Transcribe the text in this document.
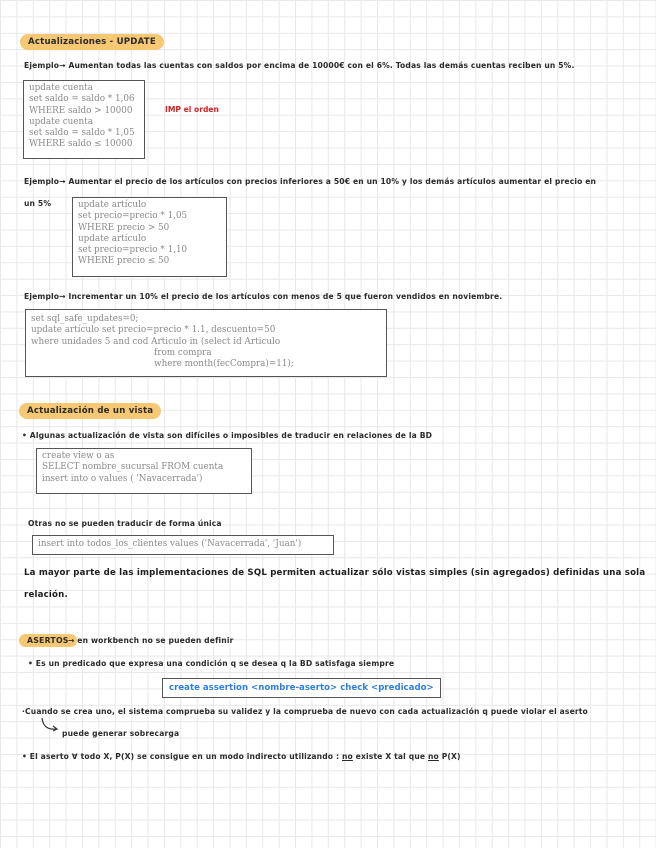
Actualizaciones - UPDATE
Ejemplo→ Aumentan todas las cuentas con saldos por encima de 10000€ con el 6%. Todas las demás cuentas reciben un 5%.
update cuenta
set saldo = saldo * 1,06
WHERE saldo > 10000
update cuenta
set saldo = saldo * 1,05
WHERE saldo ≤ 10000
IMP el orden
Ejemplo→ Aumentar el precio de los artículos con precios inferiores a 50€ en un 10% y los demás artículos aumentar el precio en
un 5%	update artículo
set precio=precio * 1,05
WHERE precio > 50
update artículo
set precio=precio * 1,10
WHERE precio ≤ 50
Ejemplo→ Incrementar un 10% el precio de los artículos con menos de 5 que fueron vendidos en noviembre.
set sql_safe_updates=0;
update artículo set precio=precio * 1.1, descuento=50
where unidades 5 and cod Articulo in (select id Articulo
from compra
where month(fecCompra)=11);
Actualización de un vista
• Algunas actualización de vista son difíciles o imposibles de traducir en relaciones de la BD
create view o as
SELECT nombre_sucursal FROM cuenta
insert into o values ( 'Navacerrada')
Otras no se pueden traducir de forma única
insert into todos_los_clientes values ('Navacerrada', 'Juan')
La mayor parte de las implementaciones de SQL permiten actualizar sólo vistas simples (sin agregados) definidas una sola
relación.
ASERTOS → en workbench no se pueden definir
• Es un predicado que expresa una condición q se desea q la BD satisfaga siempre
create assertion <nombre-aserto> check <predicado>
·Cuando se crea uno, el sistema comprueba su validez y la comprueba de nuevo con cada actualización q puede violar el aserto
puede generar sobrecarga
• El aserto ∀ todo X, P(X) se consigue en un modo indirecto utilizando : no existe X tal que no P(X)
